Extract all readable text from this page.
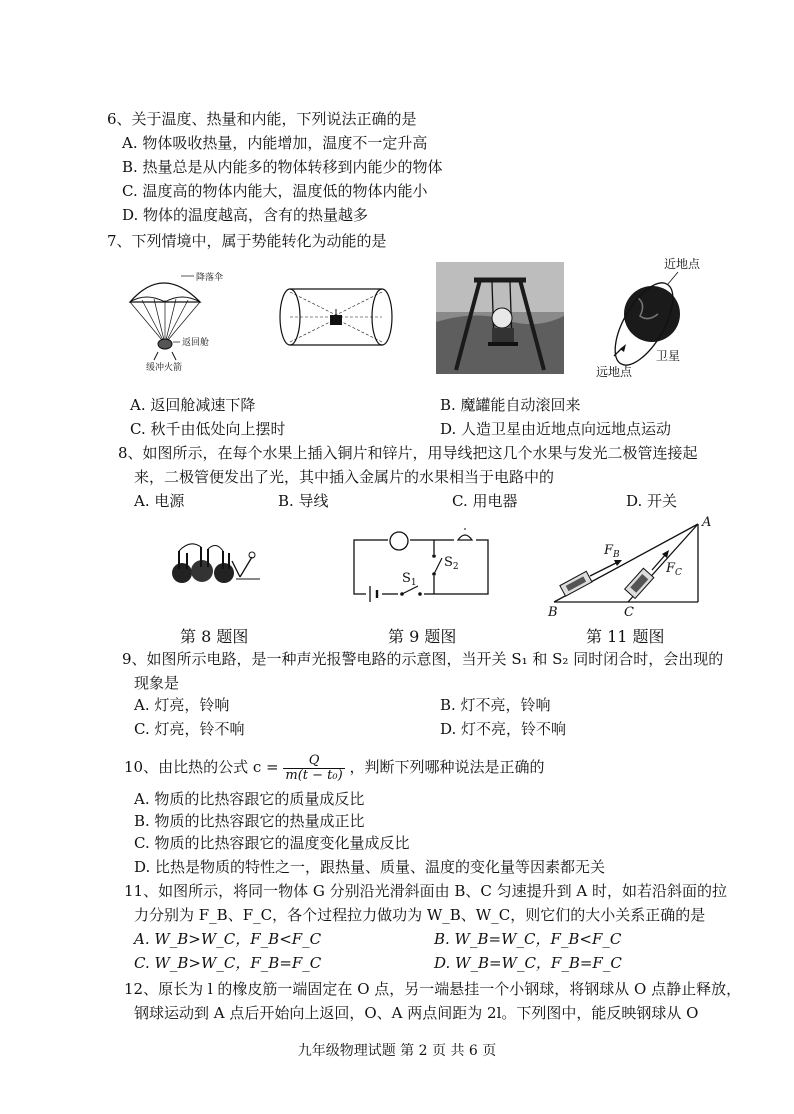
6、关于温度、热量和内能，下列说法正确的是
A. 物体吸收热量，内能增加，温度不一定升高
B. 热量总是从内能多的物体转移到内能少的物体
C. 温度高的物体内能大，温度低的物体内能小
D. 物体的温度越高，含有的热量越多
7、下列情境中，属于势能转化为动能的是
降落伞
返回舱
缓冲火箭
近地点
卫星
远地点
A. 返回舱减速下降	B. 魔罐能自动滚回来
C. 秋千由低处向上摆时	D. 人造卫星由近地点向远地点运动
8、如图所示，在每个水果上插入铜片和锌片，用导线把这几个水果与发光二极管连接起
来，二极管便发出了光，其中插入金属片的水果相当于电路中的
A. 电源	B. 导线	C. 用电器	D. 开关
$S_2$
$S_1$
A
B	C
$F_B$
$F_C$
第 8 题图	第 9 题图	第 11 题图
9、如图所示电路，是一种声光报警电路的示意图，当开关 S₁ 和 S₂ 同时闭合时，会出现的
现象是
A. 灯亮，铃响	B. 灯不亮，铃响
C. 灯亮，铃不响	D. 灯不亮，铃不响
10、由比热的公式 $c = \frac{Q}{\text{m(t − t₀)}}$ ，判断下列哪种说法是正确的
A. 物质的比热容跟它的质量成反比
B. 物质的比热容跟它的热量成正比
C. 物质的比热容跟它的温度变化量成反比
D. 比热是物质的特性之一，跟热量、质量、温度的变化量等因素都无关
11、如图所示，将同一物体 G 分别沿光滑斜面由 B、C 匀速提升到 A 时，如若沿斜面的拉
力分别为 F_B、F_C，各个过程拉力做功为 W_B、W_C，则它们的大小关系正确的是
A. W_B>W_C，F_B<F_C	B. W_B=W_C，F_B<F_C
C. W_B>W_C，F_B=F_C	D. W_B=W_C，F_B=F_C
12、原长为 l 的橡皮筋一端固定在 O 点，另一端悬挂一个小钢球，将钢球从 O 点静止释放，
钢球运动到 A 点后开始向上返回，O、A 两点间距为 2l。下列图中，能反映钢球从 O
九年级物理试题 第 2 页 共 6 页
